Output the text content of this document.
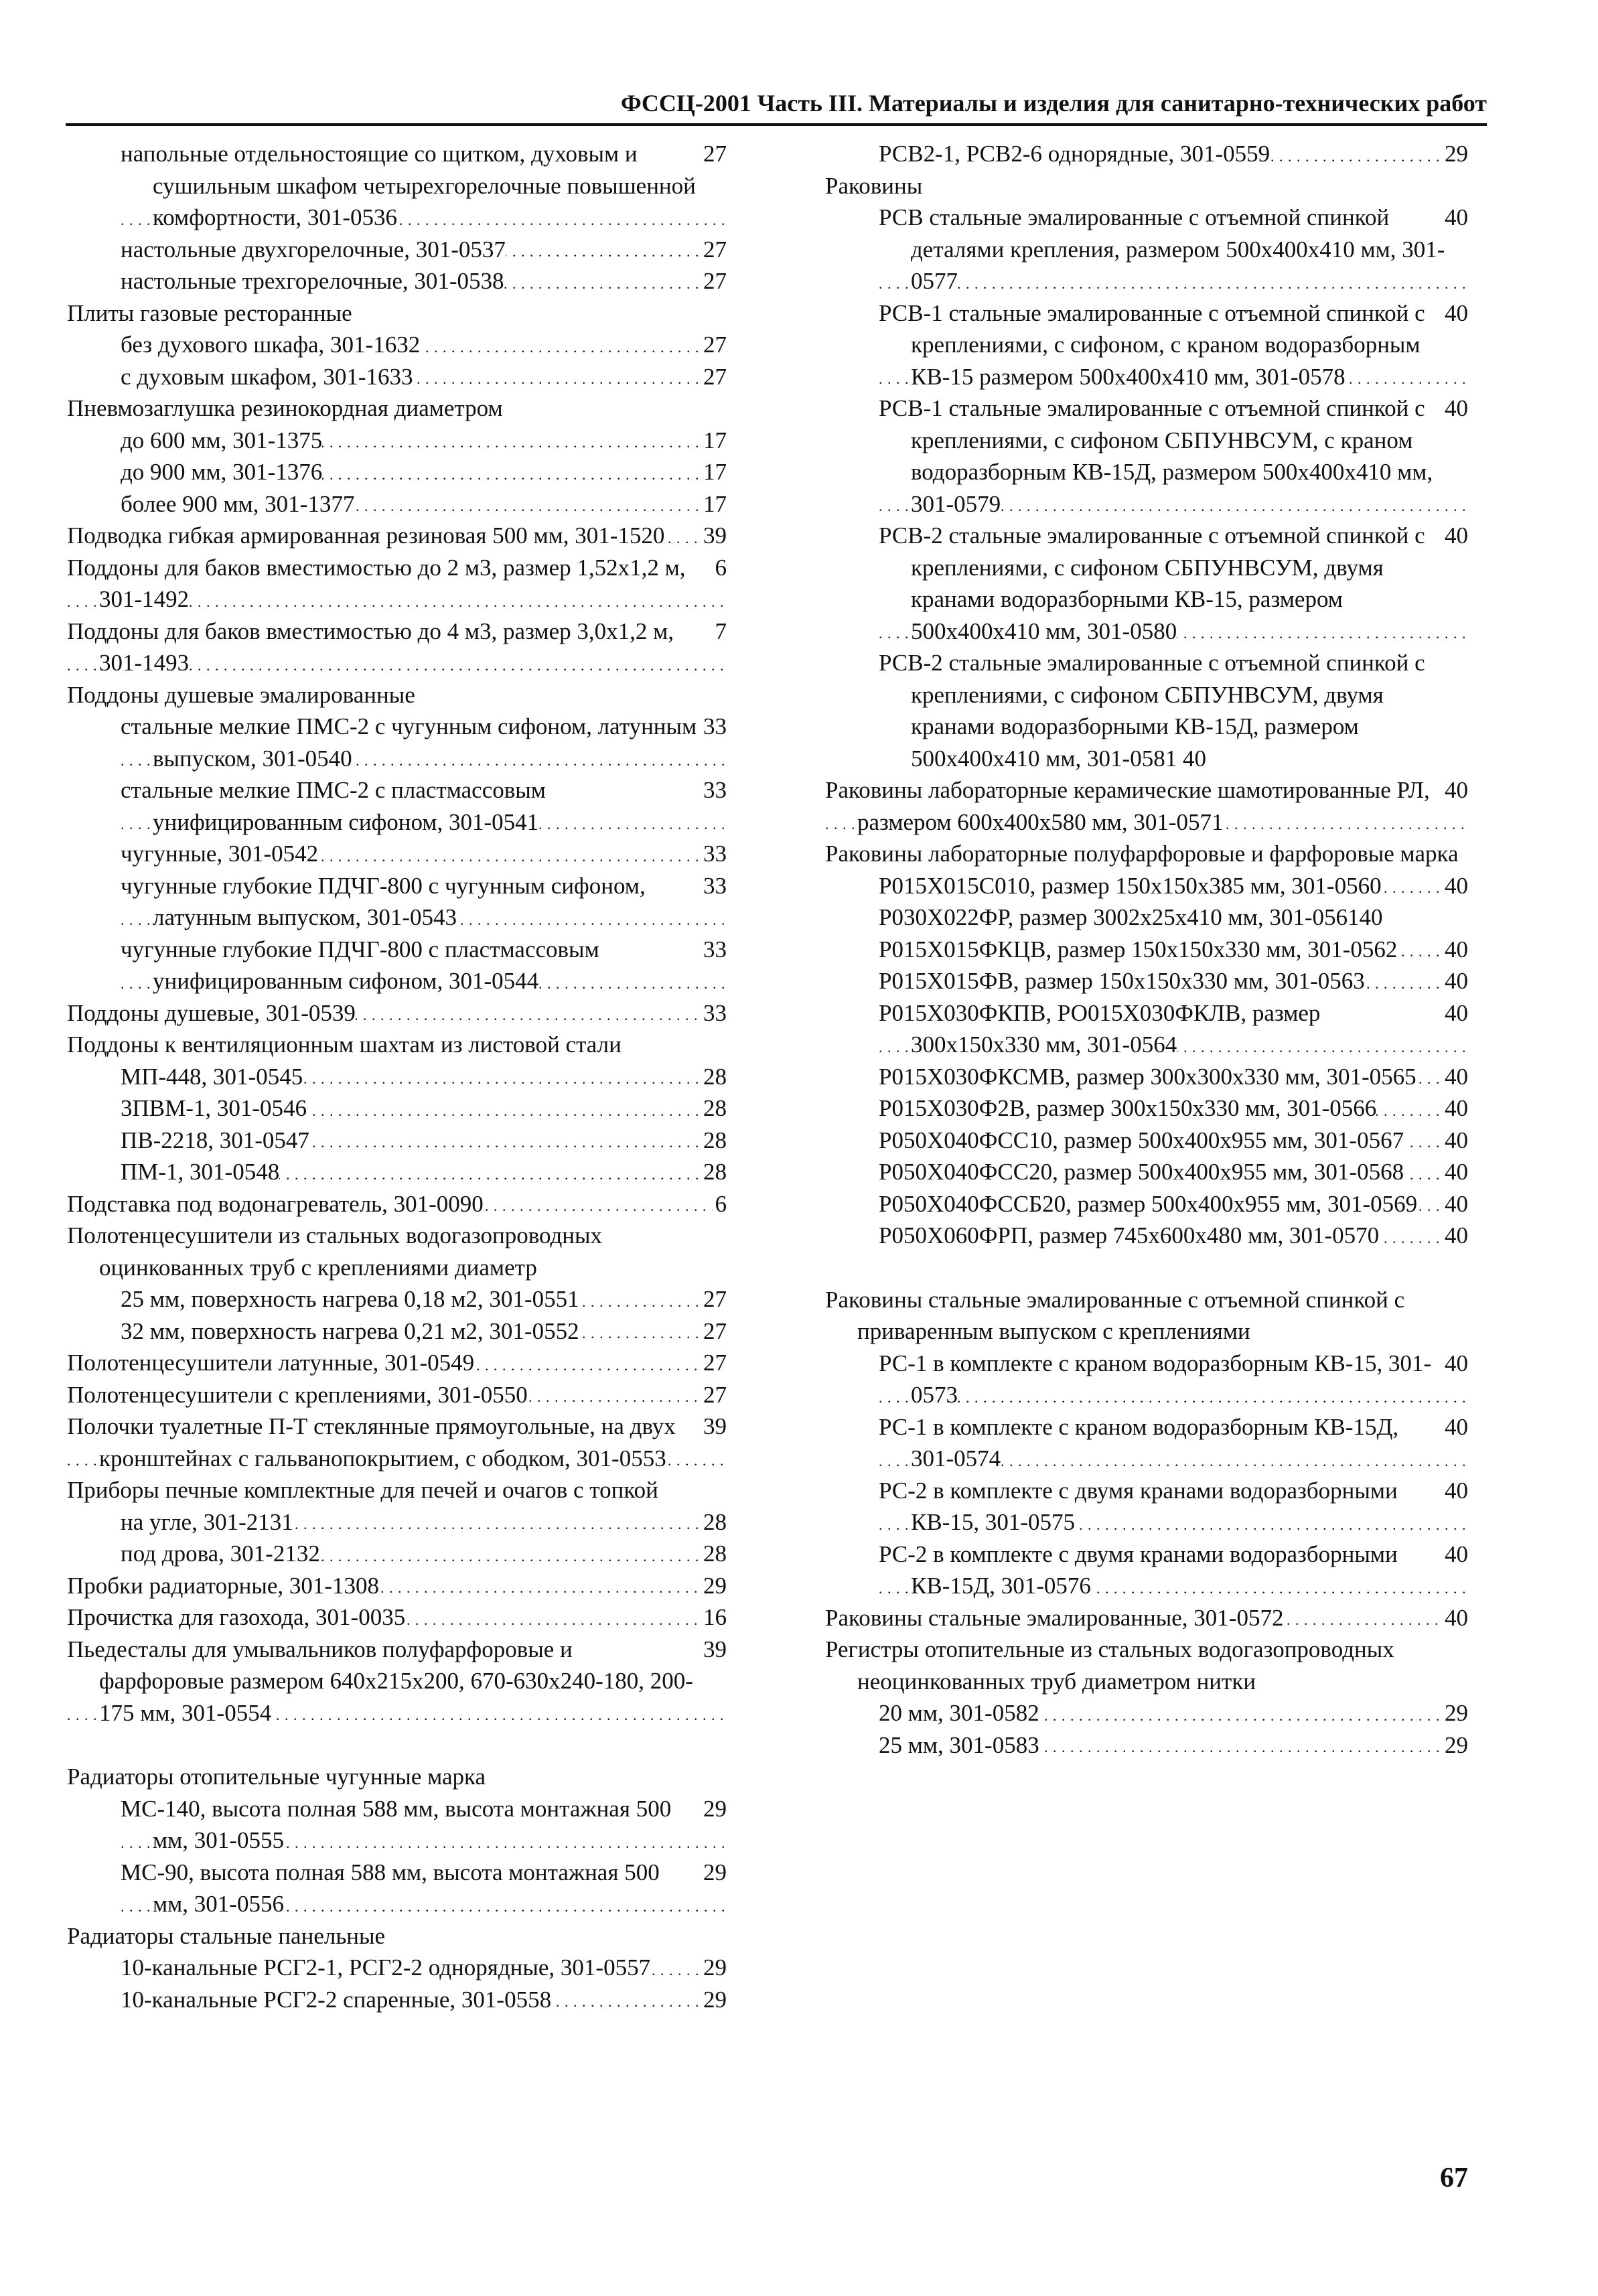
ФССЦ-2001 Часть III. Материалы и изделия для санитарно-технических работ
27
напольные отдельностоящие со щитком, духовым и сушильным шкафом четырехгорелочные повышенной комфортности, 301-0536 . .
27
настольные двухгорелочные, 301-0537 . .
27
настольные трехгорелочные, 301-0538 . .
Плиты газовые ресторанные
27
без духового шкафа, 301-1632 . .
27
с духовым шкафом, 301-1633 . .
Пневмозаглушка резинокордная диаметром
17
до 600 мм, 301-1375 . .
17
до 900 мм, 301-1376 . .
17
более 900 мм, 301-1377 . .
39
Подводка гибкая армированная резиновая 500 мм, 301-1520 . .
6
Поддоны для баков вместимостью до 2 м3, размер 1,52х1,2 м, 301-1492 . .
7
Поддоны для баков вместимостью до 4 м3, размер 3,0х1,2 м, 301-1493 . .
Поддоны душевые эмалированные
33
стальные мелкие ПМС-2 с чугунным сифоном, латунным выпуском, 301-0540 . .
33
стальные мелкие ПМС-2 с пластмассовым унифицированным сифоном, 301-0541 . .
33
чугунные, 301-0542 . .
33
чугунные глубокие ПДЧГ-800 с чугунным сифоном, латунным выпуском, 301-0543 . .
33
чугунные глубокие ПДЧГ-800 с пластмассовым унифицированным сифоном, 301-0544 . .
33
Поддоны душевые, 301-0539 . .
Поддоны к вентиляционным шахтам из листовой стали
28
МП-448, 301-0545 . .
28
3ПВМ-1, 301-0546 . .
28
ПВ-2218, 301-0547 . .
28
ПМ-1, 301-0548 . .
6
Подставка под водонагреватель, 301-0090 . .
Полотенцесушители из стальных водогазопроводных оцинкованных труб с креплениями диаметр
27
25 мм, поверхность нагрева 0,18 м2, 301-0551 . .
27
32 мм, поверхность нагрева 0,21 м2, 301-0552 . .
27
Полотенцесушители латунные, 301-0549 . .
27
Полотенцесушители с креплениями, 301-0550 . .
39
Полочки туалетные П-Т стеклянные прямоугольные, на двух кронштейнах с гальванопокрытием, с ободком, 301-0553 . .
Приборы печные комплектные для печей и очагов с топкой
28
на угле, 301-2131 . .
28
под дрова, 301-2132 . .
29
Пробки радиаторные, 301-1308 . .
16
Прочистка для газохода, 301-0035 . .
39
Пьедесталы для умывальников полуфарфоровые и фарфоровые размером 640х215х200, 670-630х240-180, 200-175 мм, 301-0554 . .
Радиаторы отопительные чугунные марка
29
МС-140, высота полная 588 мм, высота монтажная 500 мм, 301-0555 . .
29
МС-90, высота полная 588 мм, высота монтажная 500 мм, 301-0556 . .
Радиаторы стальные панельные
29
10-канальные РСГ2-1, РСГ2-2 однорядные, 301-0557 . .
29
10-канальные РСГ2-2 спаренные, 301-0558 . .
29
РСВ2-1, РСВ2-6 однорядные, 301-0559 . .
Раковины
40
РСВ стальные эмалированные с отъемной спинкой деталями крепления, размером 500х400х410 мм, 301-0577 . .
40
РСВ-1 стальные эмалированные с отъемной спинкой с креплениями, с сифоном, с краном водоразборным КВ-15 размером 500х400х410 мм, 301-0578 . .
40
РСВ-1 стальные эмалированные с отъемной спинкой с креплениями, с сифоном СБПУНВСУМ, с краном водоразборным КВ-15Д, размером 500х400х410 мм, 301-0579 . .
40
РСВ-2 стальные эмалированные с отъемной спинкой с креплениями, с сифоном СБПУНВСУМ, двумя кранами водоразборными КВ-15, размером 500х400х410 мм, 301-0580 . .
РСВ-2 стальные эмалированные с отъемной спинкой с креплениями, с сифоном СБПУНВСУМ, двумя кранами водоразборными КВ-15Д, размером 500х400х410 мм, 301-0581 40
40
Раковины лабораторные керамические шамотированные РЛ, размером 600х400х580 мм, 301-0571 . .
Раковины лабораторные полуфарфоровые и фарфоровые марка
40
Р015Х015С010, размер 150х150х385 мм, 301-0560 . .
Р030Х022ФР, размер 3002х25х410 мм, 301-056140
40
Р015Х015ФКЦВ, размер 150х150х330 мм, 301-0562 . .
40
Р015Х015ФВ, размер 150х150х330 мм, 301-0563 . .
40
Р015Х030ФКПВ, РО015Х030ФКЛВ, размер 300х150х330 мм, 301-0564 . .
40
Р015Х030ФКСМВ, размер 300х300х330 мм, 301-0565 . .
40
Р015Х030Ф2В, размер 300х150х330 мм, 301-0566 . .
40
Р050Х040ФСС10, размер 500х400х955 мм, 301-0567 . .
40
Р050Х040ФСС20, размер 500х400х955 мм, 301-0568 . .
40
Р050Х040ФССБ20, размер 500х400х955 мм, 301-0569 . .
40
Р050Х060ФРП, размер 745х600х480 мм, 301-0570 . .
Раковины стальные эмалированные с отъемной спинкой с приваренным выпуском с креплениями
40
РС-1 в комплекте с краном водоразборным КВ-15, 301-0573 . .
40
РС-1 в комплекте с краном водоразборным КВ-15Д, 301-0574 . .
40
РС-2 в комплекте с двумя кранами водоразборными КВ-15, 301-0575 . .
40
РС-2 в комплекте с двумя кранами водоразборными КВ-15Д, 301-0576 . .
40
Раковины стальные эмалированные, 301-0572 . .
Регистры отопительные из стальных водогазопроводных неоцинкованных труб диаметром нитки
29
20 мм, 301-0582 . .
29
25 мм, 301-0583 . .
67
